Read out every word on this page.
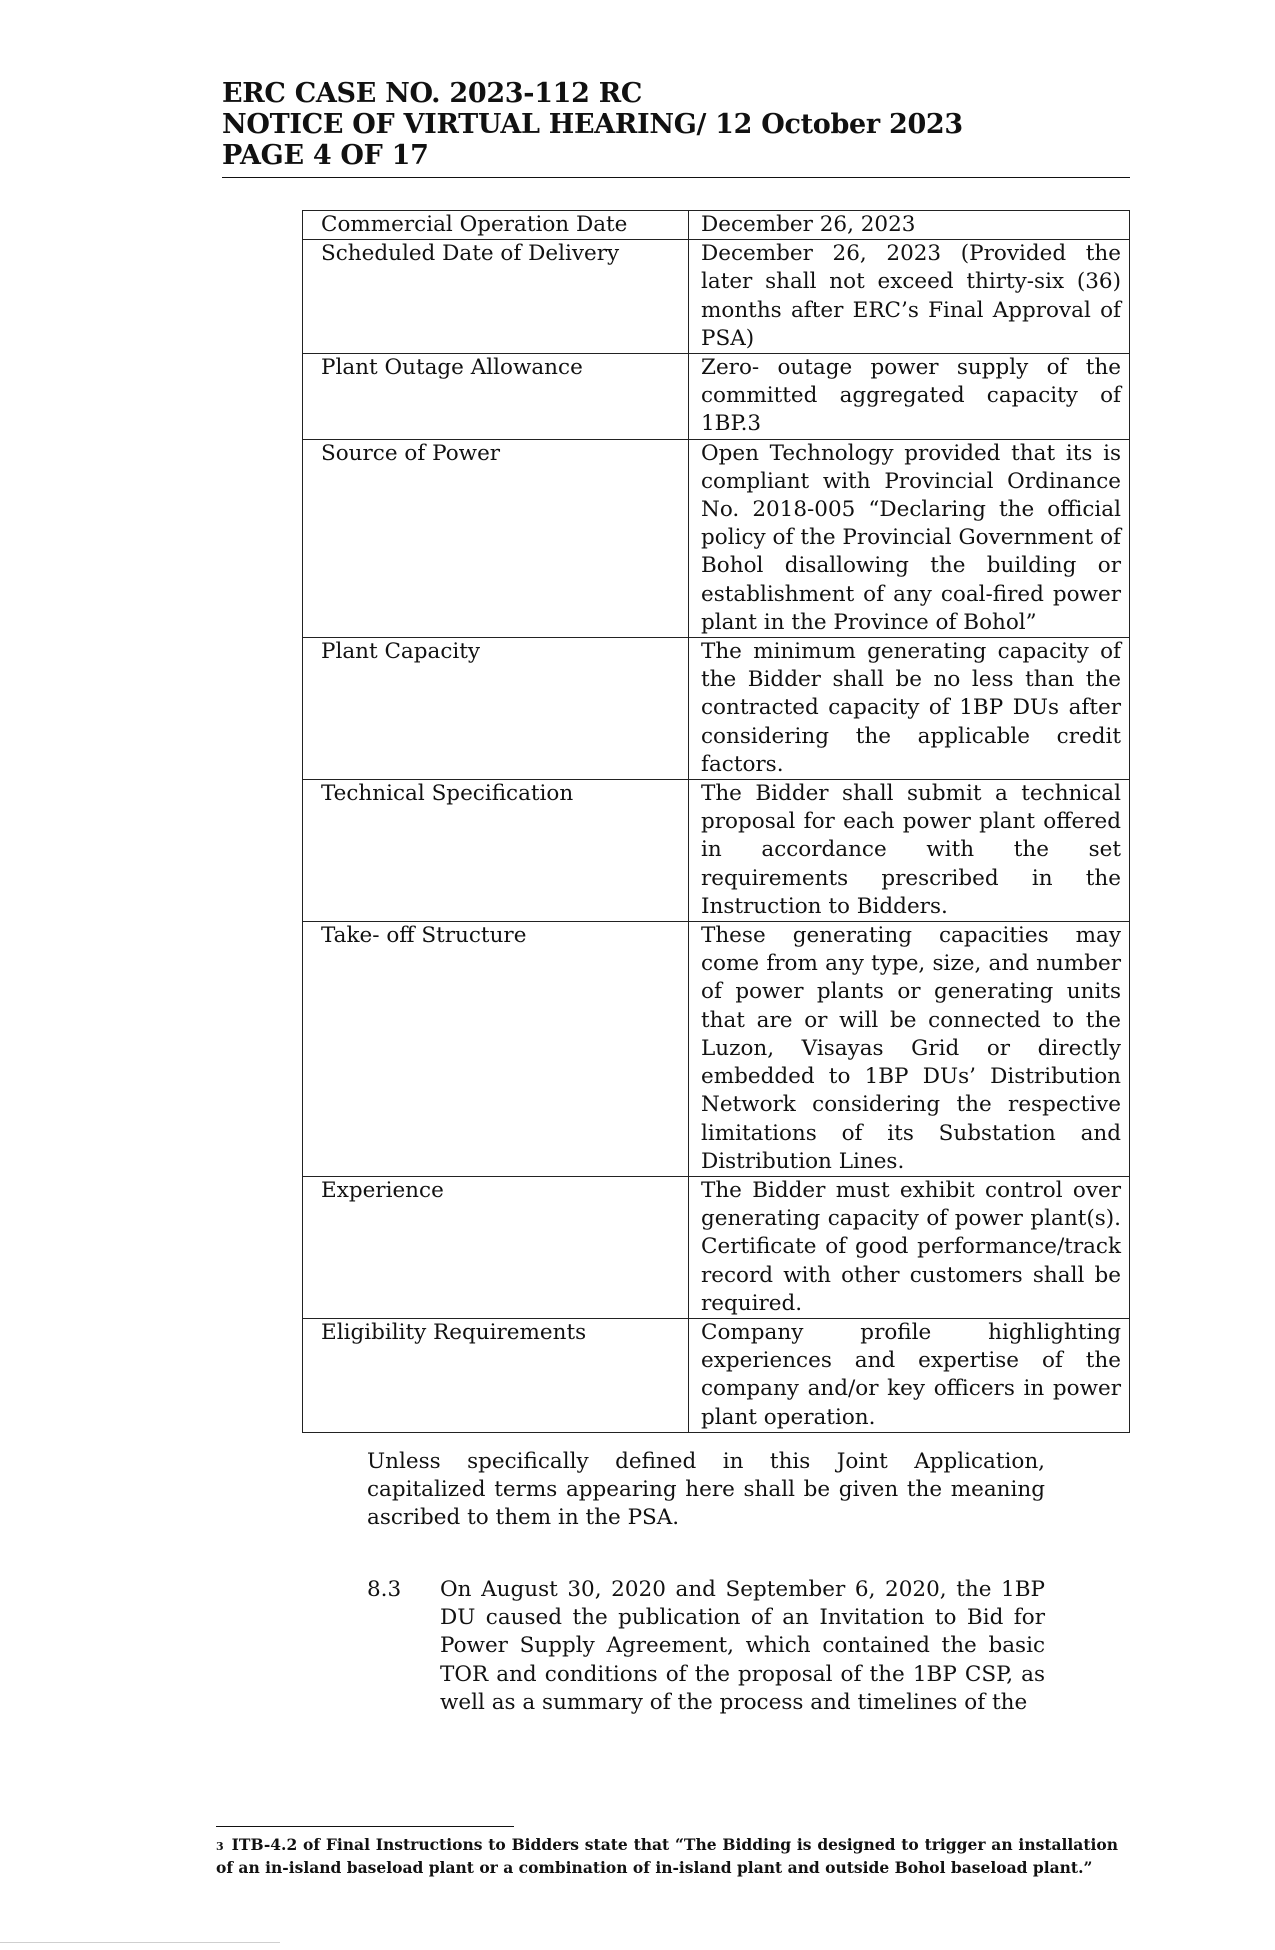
ERC CASE NO. 2023-112 RC
NOTICE OF VIRTUAL HEARING/ 12 October 2023
PAGE 4 OF 17
Commercial Operation Date	December 26, 2023
Scheduled Date of Delivery	December 26, 2023 (Provided the later shall not exceed thirty-six (36) months after ERC’s Final Approval of PSA)
Plant Outage Allowance	Zero- outage power supply of the committed aggregated capacity of 1BP.3
Source of Power	Open Technology provided that its is compliant with Provincial Ordinance No. 2018-005 “Declaring the official policy of the Provincial Government of Bohol disallowing the building or establishment of any coal-fired power plant in the Province of Bohol”
Plant Capacity	The minimum generating capacity of the Bidder shall be no less than the contracted capacity of 1BP DUs after considering the applicable credit factors.
Technical Specification	The Bidder shall submit a technical proposal for each power plant offered in accordance with the set requirements prescribed in the Instruction to Bidders.
Take- off Structure	These generating capacities may come from any type, size, and number of power plants or generating units that are or will be connected to the Luzon, Visayas Grid or directly embedded to 1BP DUs’ Distribution Network considering the respective limitations of its Substation and Distribution Lines.
Experience	The Bidder must exhibit control over generating capacity of power plant(s). Certificate of good performance/track record with other customers shall be required.
Eligibility Requirements	Company profile highlighting experiences and expertise of the company and/or key officers in power plant operation.
Unless specifically defined in this Joint Application, capitalized terms appearing here shall be given the meaning ascribed to them in the PSA.
8.3 On August 30, 2020 and September 6, 2020, the 1BP DU caused the publication of an Invitation to Bid for Power Supply Agreement, which contained the basic TOR and conditions of the proposal of the 1BP CSP, as well as a summary of the process and timelines of the
3 ITB-4.2 of Final Instructions to Bidders state that “The Bidding is designed to trigger an installation of an in-island baseload plant or a combination of in-island plant and outside Bohol baseload plant.”
